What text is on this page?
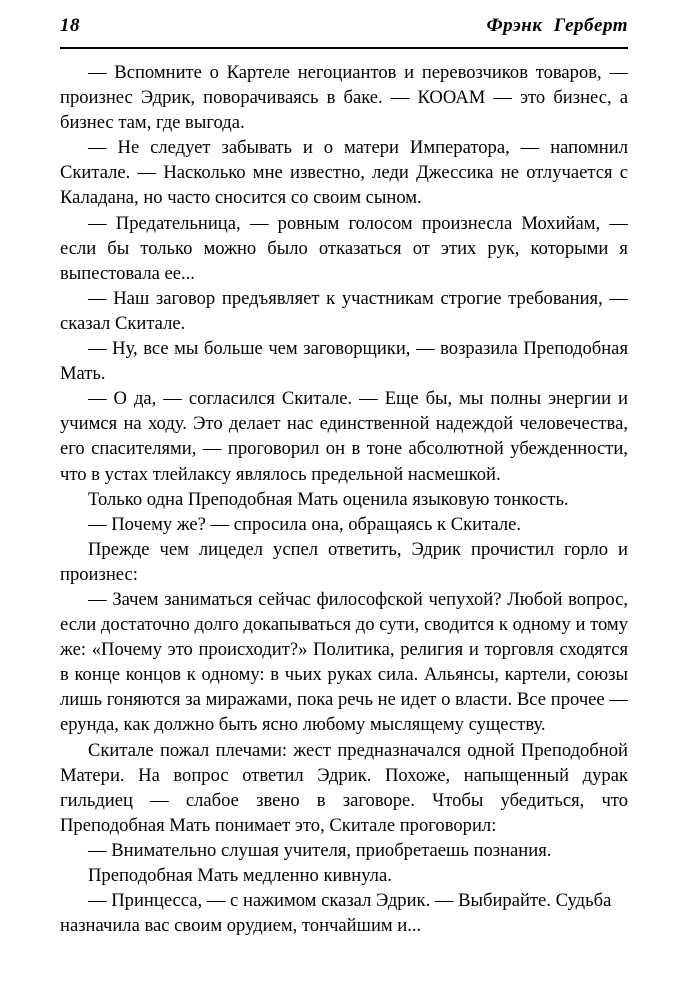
18	Фрэнк Герберт

— Вспомните о Картеле негоциантов и перевозчиков товаров, — произнес Эдрик, поворачиваясь в баке. — КООАМ — это бизнес, а бизнес там, где выгода.

— Не следует забывать и о матери Императора, — напомнил Скитале. — Насколько мне известно, леди Джессика не отлучается с Каладана, но часто сносится со своим сыном.

— Предательница, — ровным голосом произнесла Мохийам, — если бы только можно было отказаться от этих рук, которыми я выпестовала ее...

— Наш заговор предъявляет к участникам строгие требования, — сказал Скитале.

— Ну, все мы больше чем заговорщики, — возразила Преподобная Мать.

— О да, — согласился Скитале. — Еще бы, мы полны энергии и учимся на ходу. Это делает нас единственной надеждой человечества, его спасителями, — проговорил он в тоне абсолютной убежденности, что в устах тлейлаксу являлось предельной насмешкой.

Только одна Преподобная Мать оценила языковую тонкость.

— Почему же? — спросила она, обращаясь к Скитале.

Прежде чем лицедел успел ответить, Эдрик прочистил горло и произнес:

— Зачем заниматься сейчас философской чепухой? Любой вопрос, если достаточно долго докапываться до сути, сводится к одному и тому же: «Почему это происходит?» Политика, религия и торговля сходятся в конце концов к одному: в чьих руках сила. Альянсы, картели, союзы лишь гоняются за миражами, пока речь не идет о власти. Все прочее — ерунда, как должно быть ясно любому мыслящему существу.

Скитале пожал плечами: жест предназначался одной Преподобной Матери. На вопрос ответил Эдрик. Похоже, напыщенный дурак гильдиец — слабое звено в заговоре. Чтобы убедиться, что Преподобная Мать понимает это, Скитале проговорил:

— Внимательно слушая учителя, приобретаешь познания.

Преподобная Мать медленно кивнула.

— Принцесса, — с нажимом сказал Эдрик. — Выбирайте. Судьба назначила вас своим орудием, тончайшим и...
